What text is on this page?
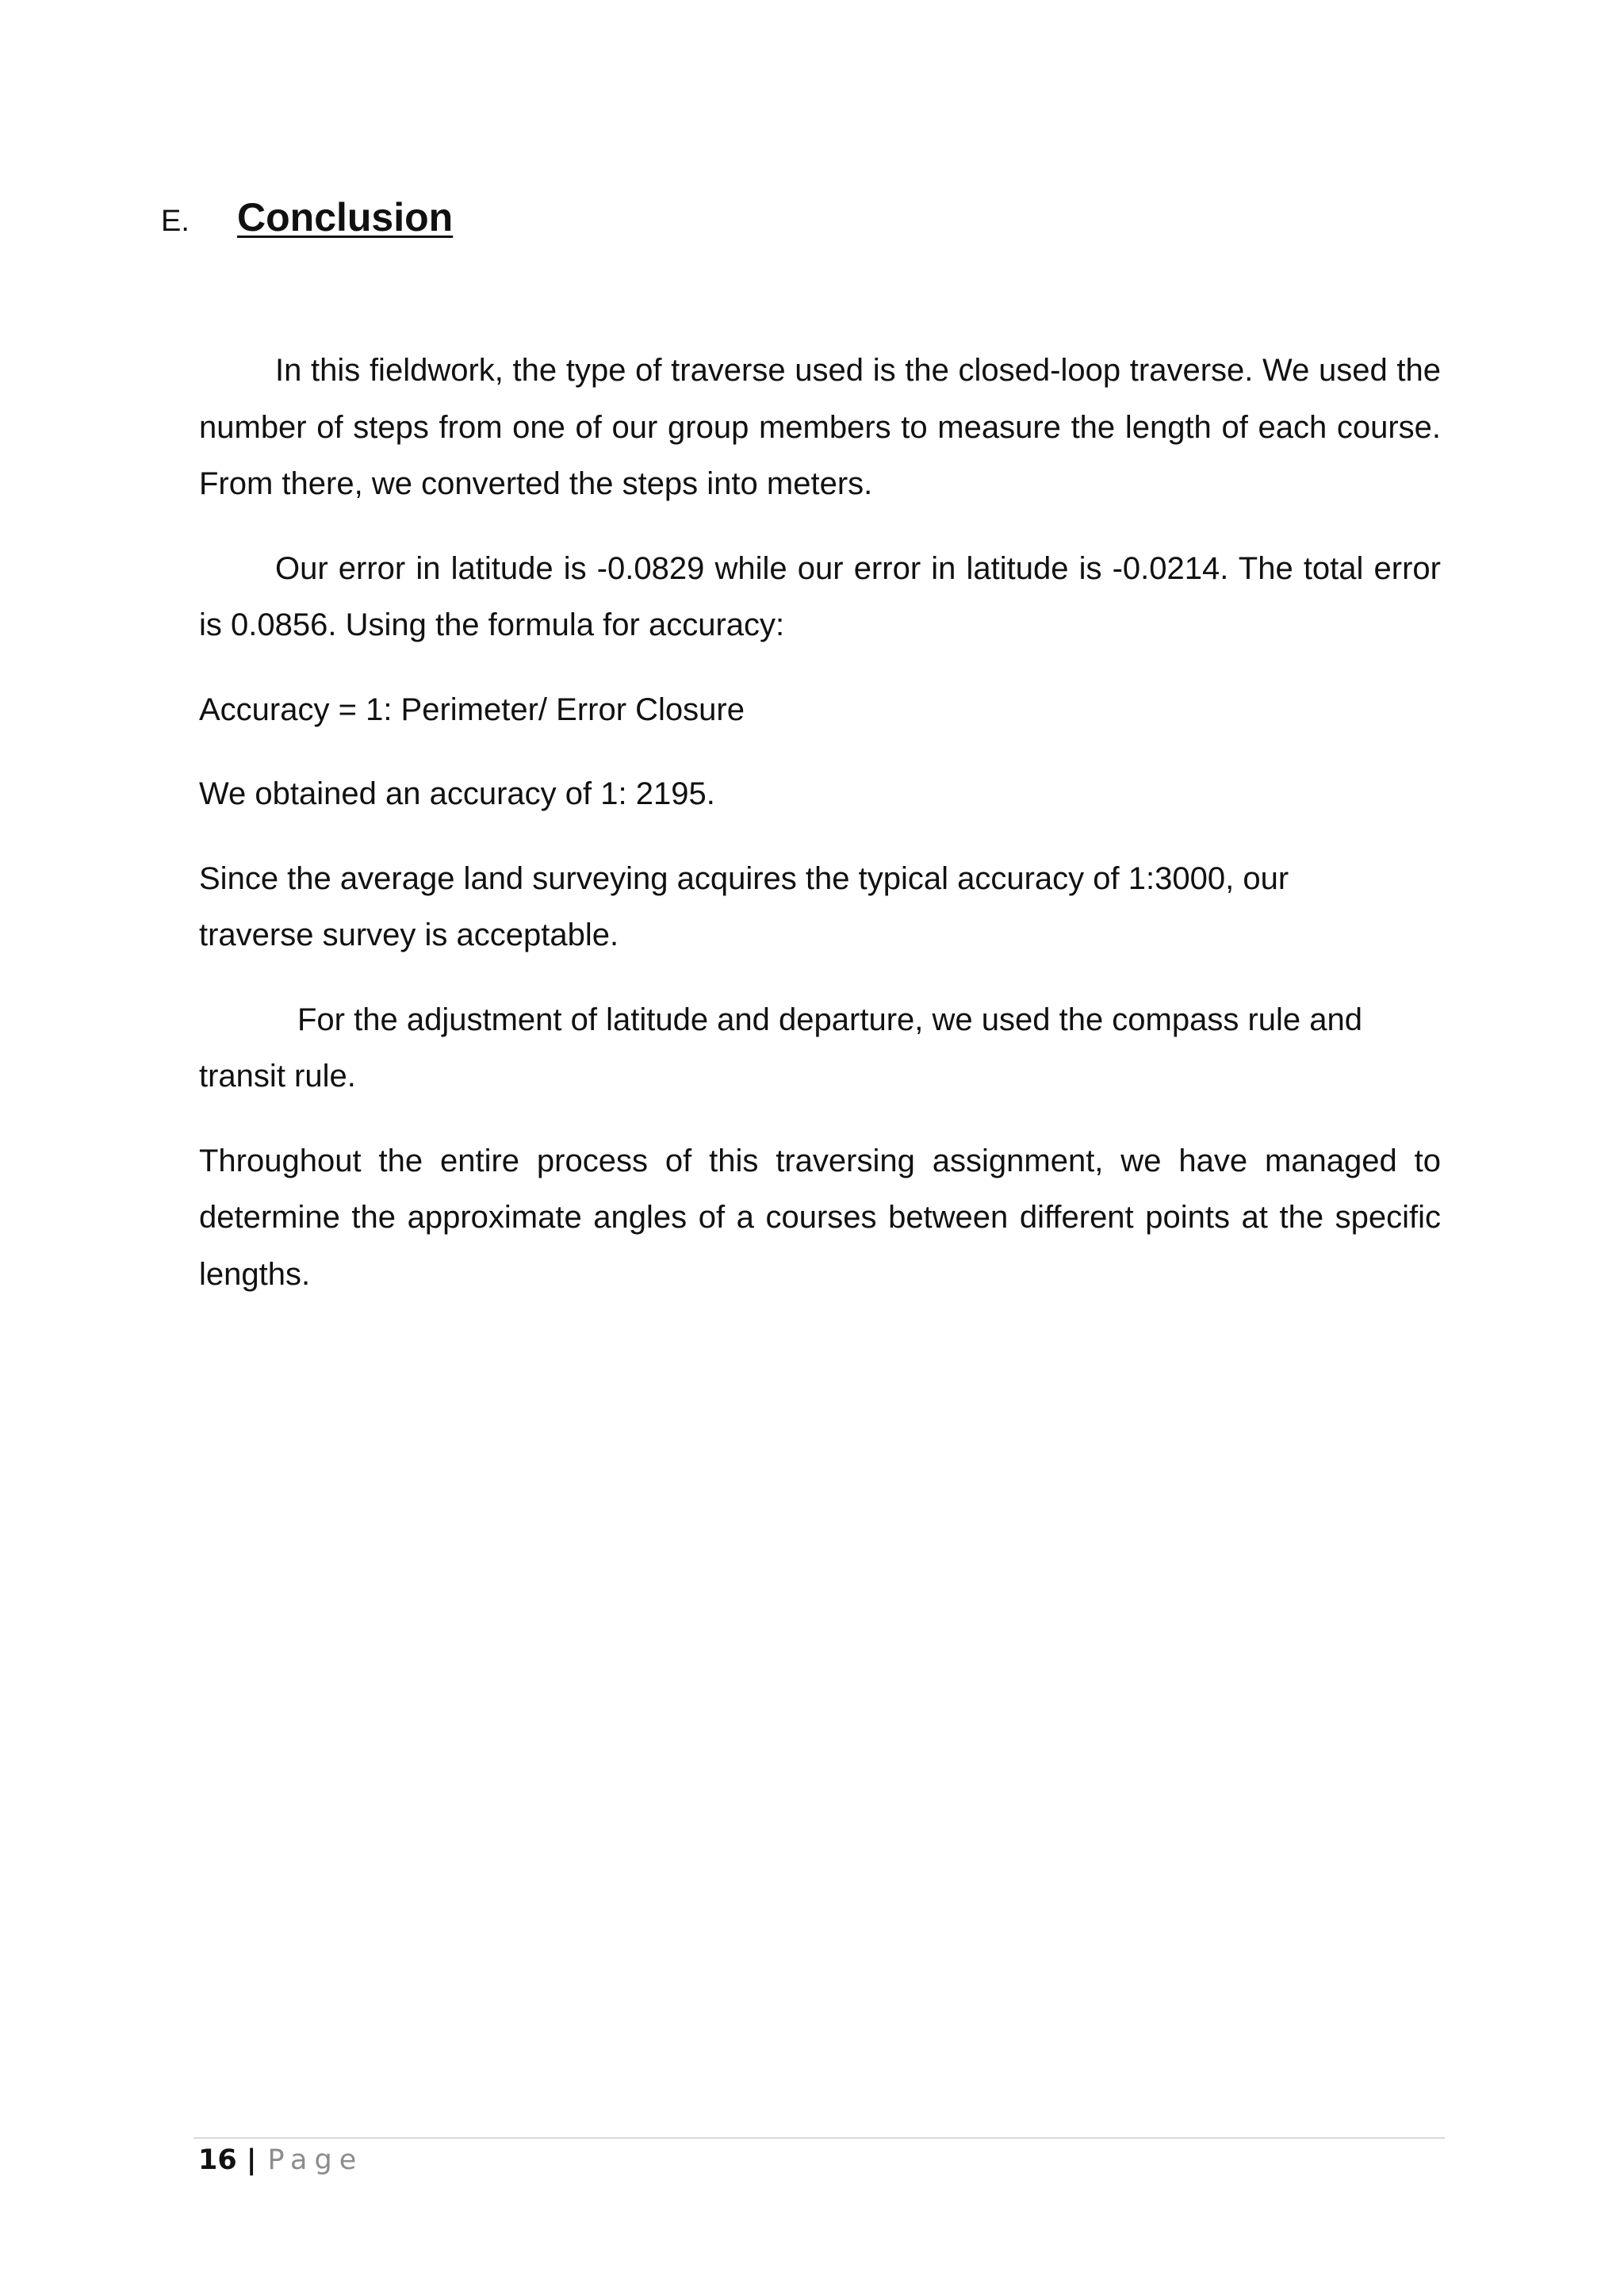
E.	Conclusion

In this fieldwork, the type of traverse used is the closed-loop traverse. We used the number of steps from one of our group members to measure the length of each course. From there, we converted the steps into meters.

Our error in latitude is -0.0829 while our error in latitude is -0.0214. The total error is 0.0856. Using the formula for accuracy:

Accuracy = 1: Perimeter/ Error Closure

We obtained an accuracy of 1: 2195.

Since the average land surveying acquires the typical accuracy of 1:3000, our traverse survey is acceptable.

For the adjustment of latitude and departure, we used the compass rule and transit rule.

Throughout the entire process of this traversing assignment, we have managed to determine the approximate angles of a courses between different points at the specific lengths.

16 | Page
